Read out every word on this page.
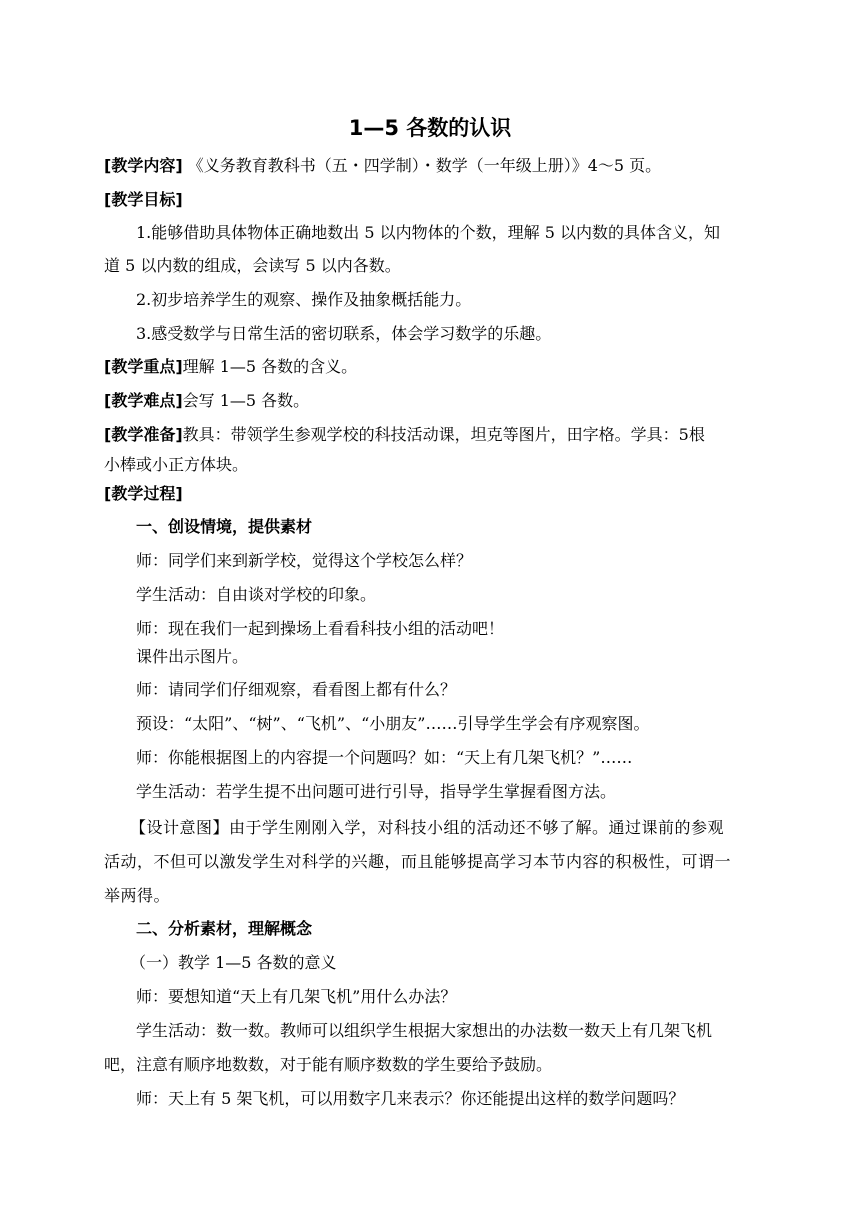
1—5 各数的认识
[教学内容] 《义务教育教科书（五・四学制）・数学（一年级上册）》4～5 页。
[教学目标]
1.能够借助具体物体正确地数出 5 以内物体的个数，理解 5 以内数的具体含义，知
道 5 以内数的组成，会读写 5 以内各数。
2.初步培养学生的观察、操作及抽象概括能力。
3.感受数学与日常生活的密切联系，体会学习数学的乐趣。
[教学重点]理解 1—5 各数的含义。
[教学难点]会写 1—5 各数。
[教学准备]教具：带领学生参观学校的科技活动课，坦克等图片，田字格。学具：5根
小棒或小正方体块。
[教学过程]
一、创设情境，提供素材
师：同学们来到新学校，觉得这个学校怎么样？
学生活动：自由谈对学校的印象。
师：现在我们一起到操场上看看科技小组的活动吧！
课件出示图片。
师：请同学们仔细观察，看看图上都有什么？
预设：“太阳”、“树”、“飞机”、“小朋友”……引导学生学会有序观察图。
师：你能根据图上的内容提一个问题吗？如：“天上有几架飞机？”……
学生活动：若学生提不出问题可进行引导，指导学生掌握看图方法。
【设计意图】由于学生刚刚入学，对科技小组的活动还不够了解。通过课前的参观
活动，不但可以激发学生对科学的兴趣，而且能够提高学习本节内容的积极性，可谓一
举两得。
二、分析素材，理解概念
（一）教学 1—5 各数的意义
师：要想知道“天上有几架飞机”用什么办法？
学生活动：数一数。教师可以组织学生根据大家想出的办法数一数天上有几架飞机
吧，注意有顺序地数数，对于能有顺序数数的学生要给予鼓励。
师：天上有 5 架飞机，可以用数字几来表示？你还能提出这样的数学问题吗？
